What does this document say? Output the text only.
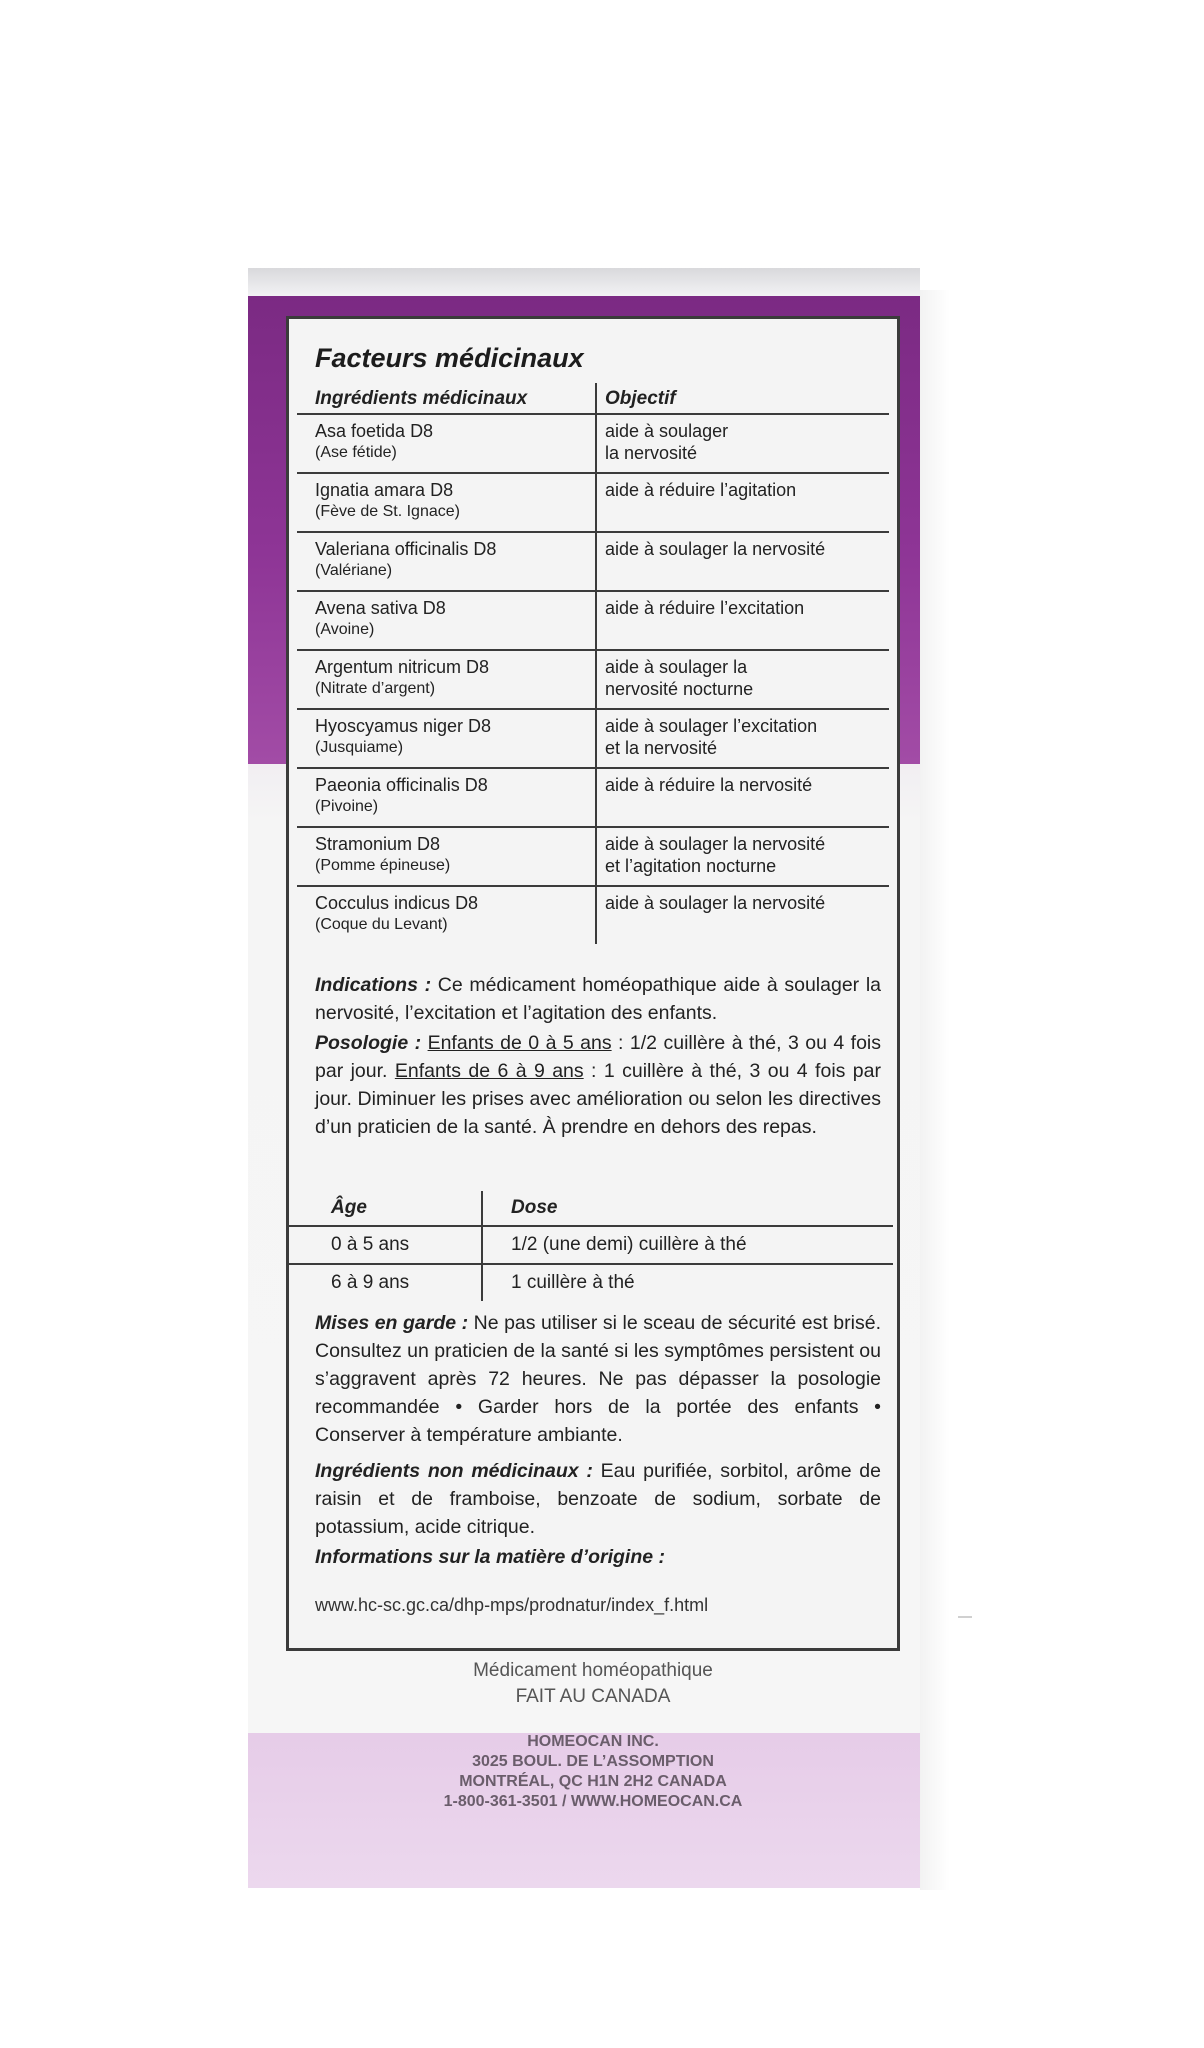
Facteurs médicinaux
Ingrédients médicinaux	Objectif

Asa foetida D8
(Ase fétide)	aide à soulager
la nervosité

Ignatia amara D8
(Fève de St. Ignace)	aide à réduire l’agitation

Valeriana officinalis D8
(Valériane)	aide à soulager la nervosité

Avena sativa D8
(Avoine)	aide à réduire l’excitation

Argentum nitricum D8
(Nitrate d’argent)	aide à soulager la
nervosité nocturne

Hyoscyamus niger D8
(Jusquiame)	aide à soulager l’excitation
et la nervosité

Paeonia officinalis D8
(Pivoine)	aide à réduire la nervosité

Stramonium D8
(Pomme épineuse)	aide à soulager la nervosité
et l’agitation nocturne

Cocculus indicus D8
(Coque du Levant)	aide à soulager la nervosité
Indications : Ce médicament homéopathique aide à soulager la nervosité, l’excitation et l’agitation des enfants.
Posologie : Enfants de 0 à 5 ans : 1/2 cuillère à thé, 3 ou 4 fois par jour. Enfants de 6 à 9 ans : 1 cuillère à thé, 3 ou 4 fois par jour. Diminuer les prises avec amélioration ou selon les directives d’un praticien de la santé. À prendre en dehors des repas.
Âge	Dose
0 à 5 ans	1/2 (une demi) cuillère à thé
6 à 9 ans	1 cuillère à thé
Mises en garde : Ne pas utiliser si le sceau de sécurité est brisé. Consultez un praticien de la santé si les symptômes persistent ou s’aggravent après 72 heures. Ne pas dépasser la posologie recommandée • Garder hors de la portée des enfants • Conserver à température ambiante.
Ingrédients non médicinaux : Eau purifiée, sorbitol, arôme de raisin et de framboise, benzoate de sodium, sorbate de potassium, acide citrique.
Informations sur la matière d’origine :
www.hc-sc.gc.ca/dhp-mps/prodnatur/index_f.html
Médicament homéopathique
FAIT AU CANADA
HOMEOCAN INC.
3025 BOUL. DE L’ASSOMPTION
MONTRÉAL, QC H1N 2H2 CANADA
1-800-361-3501 / WWW.HOMEOCAN.CA
